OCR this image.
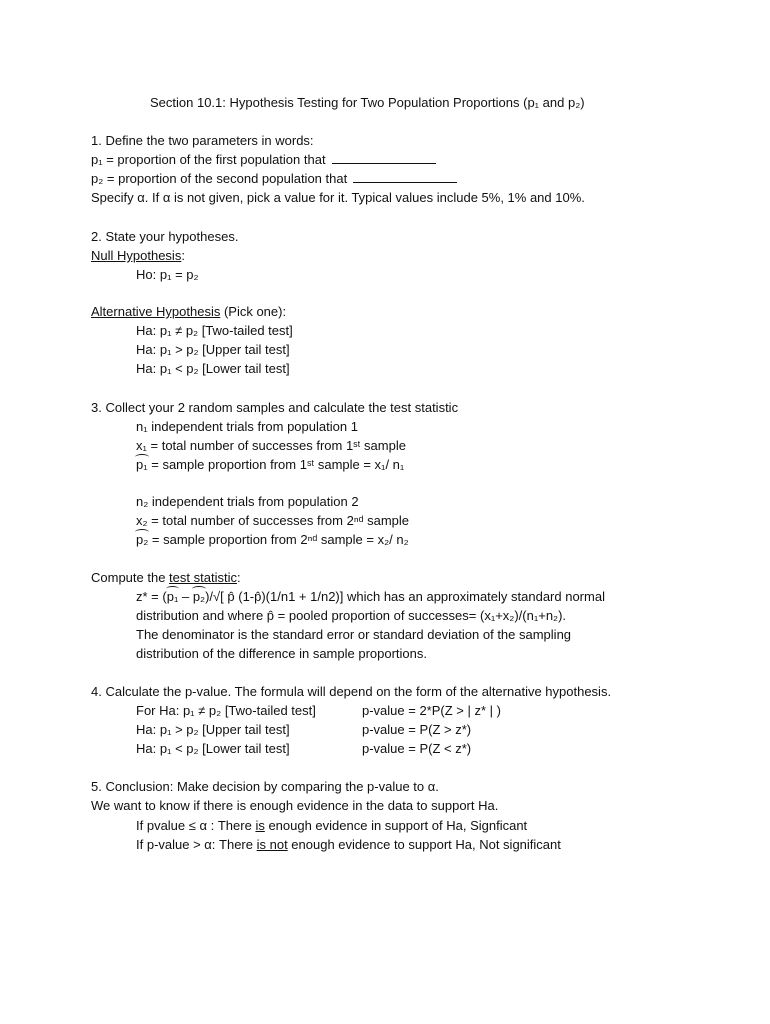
Section 10.1: Hypothesis Testing for Two Population Proportions (p₁ and p₂)
1. Define the two parameters in words:
p₁ = proportion of the first population that
p₂ = proportion of the second population that
Specify α. If α is not given, pick a value for it. Typical values include 5%, 1% and 10%.
2. State your hypotheses.
Null Hypothesis:
Ho: p₁ = p₂
Alternative Hypothesis (Pick one):
Ha: p₁ ≠ p₂ [Two-tailed test]
Ha: p₁ > p₂ [Upper tail test]
Ha: p₁ < p₂ [Lower tail test]
3. Collect your 2 random samples and calculate the test statistic
n₁ independent trials from population 1
x₁ = total number of successes from 1ˢᵗ sample
p₁ = sample proportion from 1ˢᵗ sample = x₁/ n₁
n₂ independent trials from population 2
x₂ = total number of successes from 2ⁿᵈ sample
p₂ = sample proportion from 2ⁿᵈ sample = x₂/ n₂
Compute the test statistic:
z* = (p₁ – p₂)/√[ p̂ (1-p̂)(1/n1 + 1/n2)] which has an approximately standard normal
distribution and where p̂ = pooled proportion of successes= (x₁+x₂)/(n₁+n₂).
The denominator is the standard error or standard deviation of the sampling
distribution of the difference in sample proportions.
4. Calculate the p-value. The formula will depend on the form of the alternative hypothesis.
For Ha: p₁ ≠ p₂ [Two-tailed test]	p-value = 2*P(Z > | z* | )
Ha: p₁ > p₂ [Upper tail test]	p-value = P(Z > z*)
Ha: p₁ < p₂ [Lower tail test]	p-value = P(Z < z*)
5. Conclusion: Make decision by comparing the p-value to α.
We want to know if there is enough evidence in the data to support Ha.
If pvalue ≤ α : There is enough evidence in support of Ha, Signficant
If p-value > α: There is not enough evidence to support Ha, Not significant
